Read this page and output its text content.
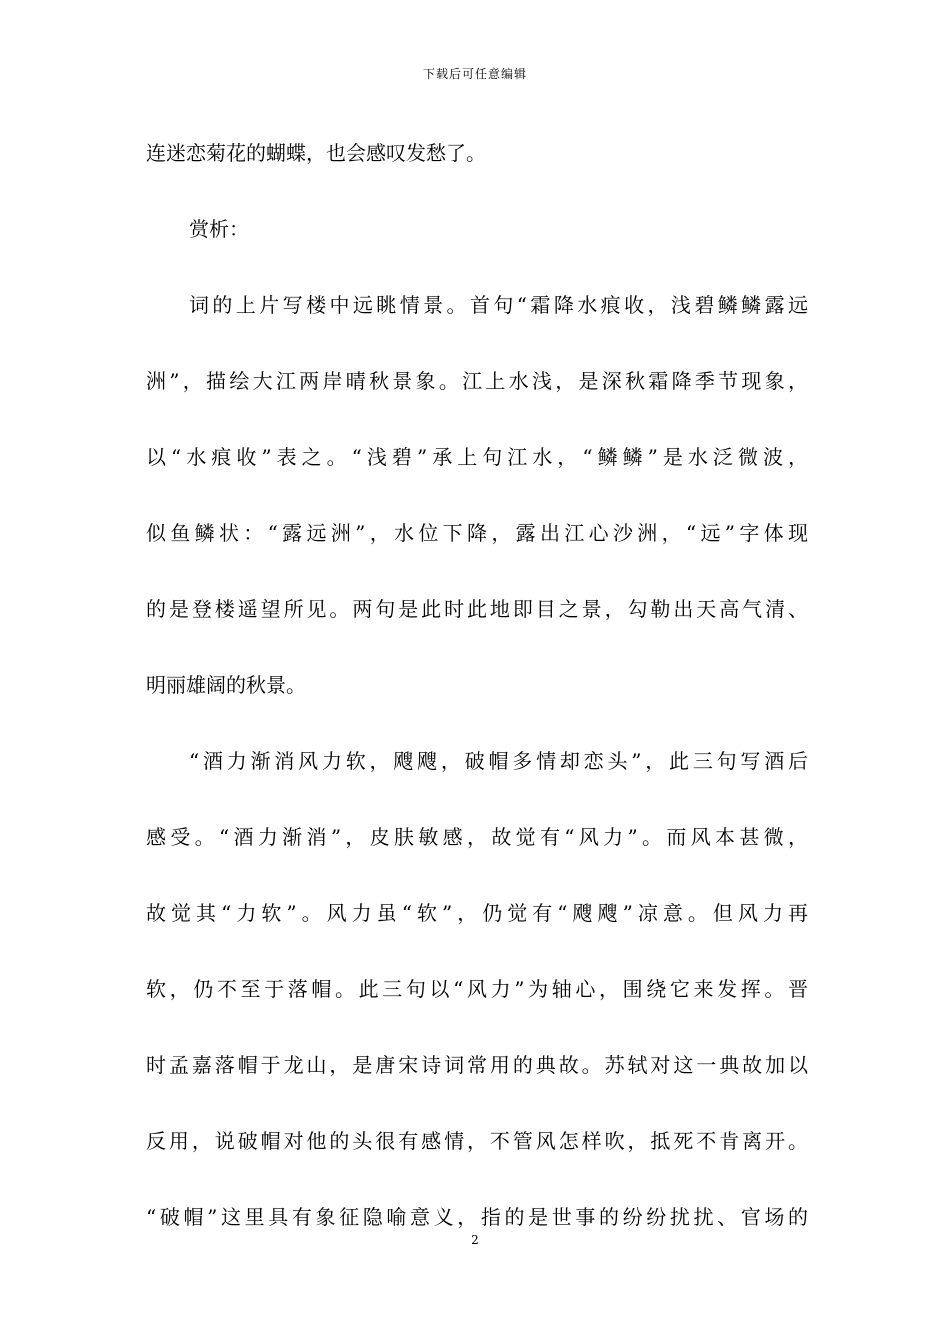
下载后可任意编辑
连迷恋菊花的蝴蝶，也会感叹发愁了。
赏析：
词的上片写楼中远眺情景。首句“霜降水痕收，浅碧鳞鳞露远
洲”，描绘大江两岸晴秋景象。江上水浅，是深秋霜降季节现象，
以“水痕收”表之。“浅碧”承上句江水，“鳞鳞”是水泛微波，
似鱼鳞状：“露远洲”，水位下降，露出江心沙洲，“远”字体现
的是登楼遥望所见。两句是此时此地即目之景，勾勒出天高气清、
明丽雄阔的秋景。
“酒力渐消风力软，飕飕，破帽多情却恋头”，此三句写酒后
感受。“酒力渐消”，皮肤敏感，故觉有“风力”。而风本甚微，
故觉其“力软”。风力虽“软”，仍觉有“飕飕”凉意。但风力再
软，仍不至于落帽。此三句以“风力”为轴心，围绕它来发挥。晋
时孟嘉落帽于龙山，是唐宋诗词常用的典故。苏轼对这一典故加以
反用，说破帽对他的头很有感情，不管风怎样吹，抵死不肯离开。
“破帽”这里具有象征隐喻意义，指的是世事的纷纷扰扰、官场的
2
